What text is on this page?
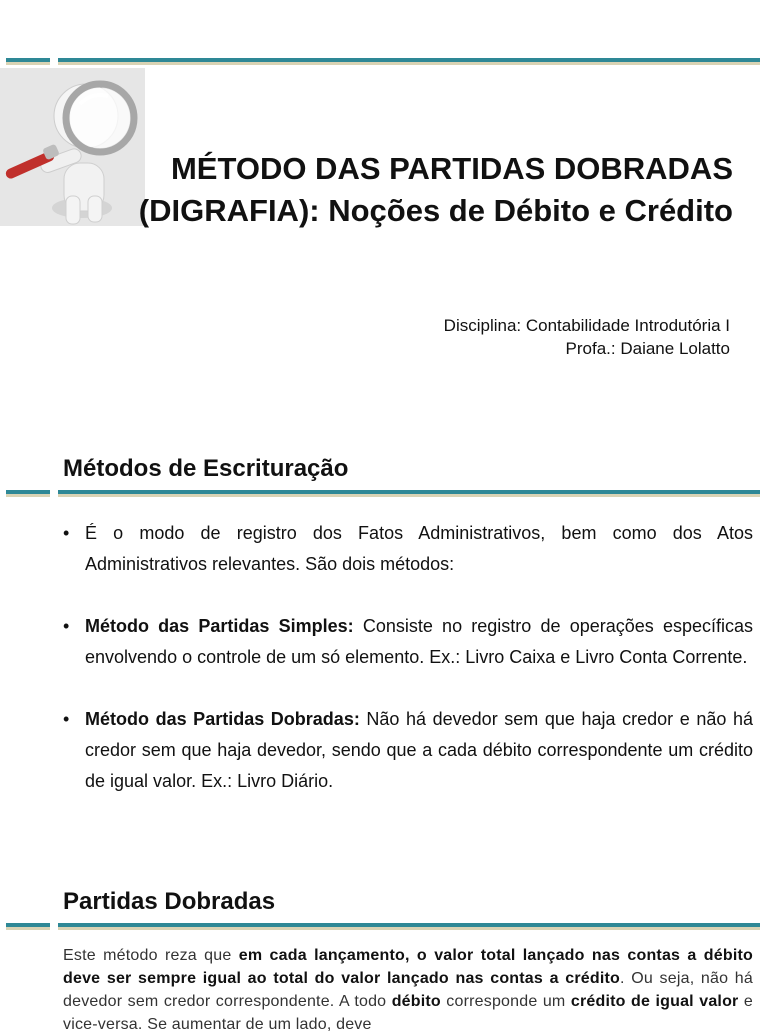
MÉTODO DAS PARTIDAS DOBRADAS (DIGRAFIA): Noções de Débito e Crédito
Disciplina: Contabilidade Introdutória I
Profa.: Daiane Lolatto
Métodos de Escrituração
• É o modo de registro dos Fatos Administrativos, bem como dos Atos Administrativos relevantes. São dois métodos:
• Método das Partidas Simples: Consiste no registro de operações específicas envolvendo o controle de um só elemento. Ex.: Livro Caixa e Livro Conta Corrente.
• Método das Partidas Dobradas: Não há devedor sem que haja credor e não há credor sem que haja devedor, sendo que a cada débito correspondente um crédito de igual valor. Ex.: Livro Diário.
Partidas Dobradas
Este método reza que em cada lançamento, o valor total lançado nas contas a débito deve ser sempre igual ao total do valor lançado nas contas a crédito. Ou seja, não há devedor sem credor correspondente. A todo débito corresponde um crédito de igual valor e vice-versa. Se aumentar de um lado, deve
